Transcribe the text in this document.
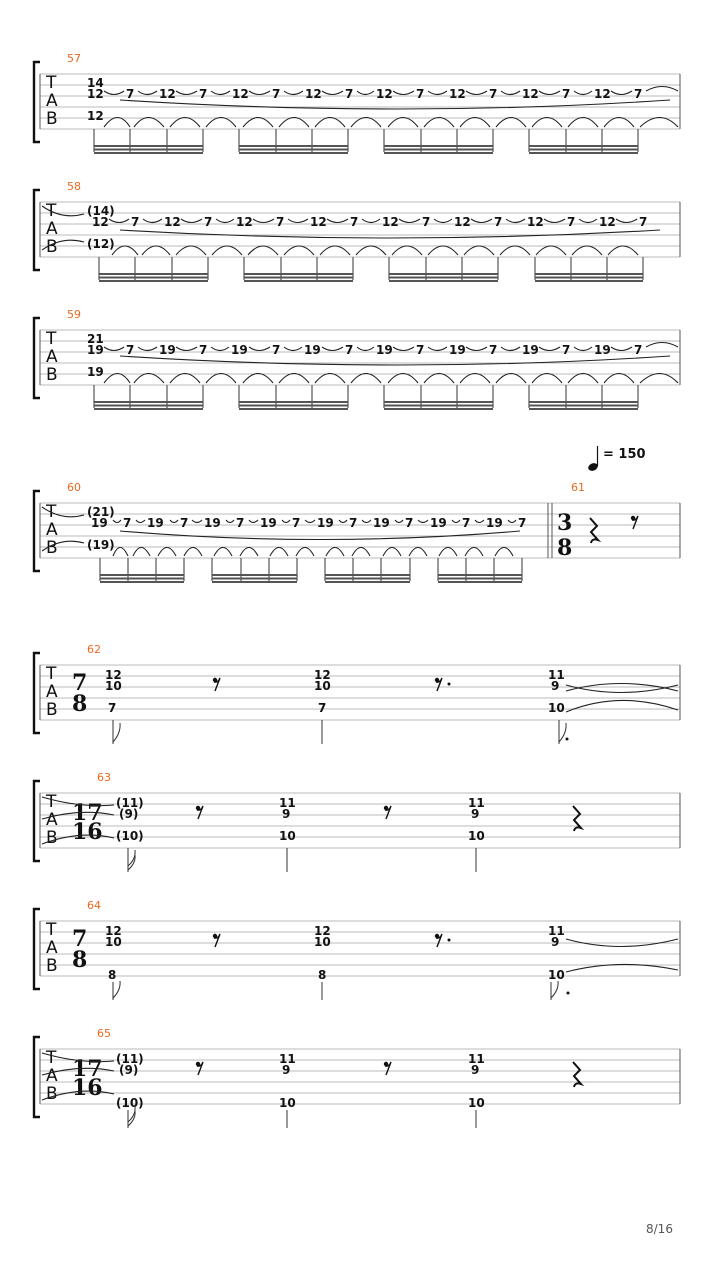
57
T
A
B
14
12 7 12 7 12 7 12 7 12 7 12 7 12 7 12 7
12
58
T
A
B
(14)
12 7 12 7 12 7 12 7 12 7 12 7 12 7 12 7
(12)
59
T
A
B
21
19 7 19 7 19 7 19 7 19 7 19 7 19 7 19 7
19
= 150
60	61
T
A
B
(21)
19 7 19 7 19 7 19 7 19 7 19 7 19 7 19 7
(19)
3
8
62
T
A
B
7
8
12
10
12
10
11
9
7	7	10
63
T
A
B
17
16
(11)
(9)
11
9
11
9
(10)	10	10
64
T
A
B
7
8
12
10
12
10
11
9
8	8	10
65
T
A
B
17
16
(11)
(9)
11
9
11
9
(10)	10	10
8/16
